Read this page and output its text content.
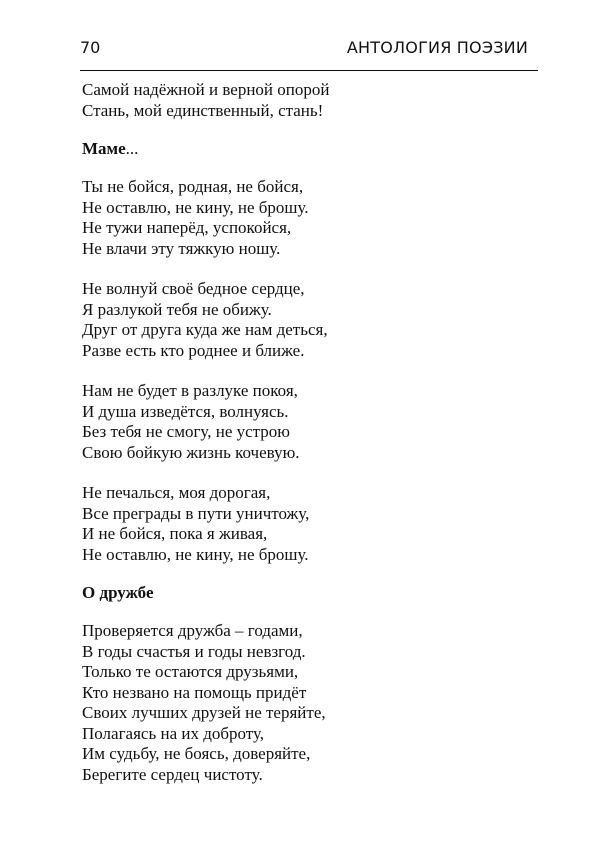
70	АНТОЛОГИЯ ПОЭЗИИ
Самой надёжной и верной опорой
Стань, мой единственный, стань!
Маме...
Ты не бойся, родная, не бойся,
Не оставлю, не кину, не брошу.
Не тужи наперёд, успокойся,
Не влачи эту тяжкую ношу.
Не волнуй своё бедное сердце,
Я разлукой тебя не обижу.
Друг от друга куда же нам деться,
Разве есть кто роднее и ближе.
Нам не будет в разлуке покоя,
И душа изведётся, волнуясь.
Без тебя не смогу, не устрою
Свою бойкую жизнь кочевую.
Не печалься, моя дорогая,
Все преграды в пути уничтожу,
И не бойся, пока я живая,
Не оставлю, не кину, не брошу.
О дружбе
Проверяется дружба – годами,
В годы счастья и годы невзгод.
Только те остаются друзьями,
Кто незвано на помощь придёт
Своих лучших друзей не теряйте,
Полагаясь на их доброту,
Им судьбу, не боясь, доверяйте,
Берегите сердец чистоту.
